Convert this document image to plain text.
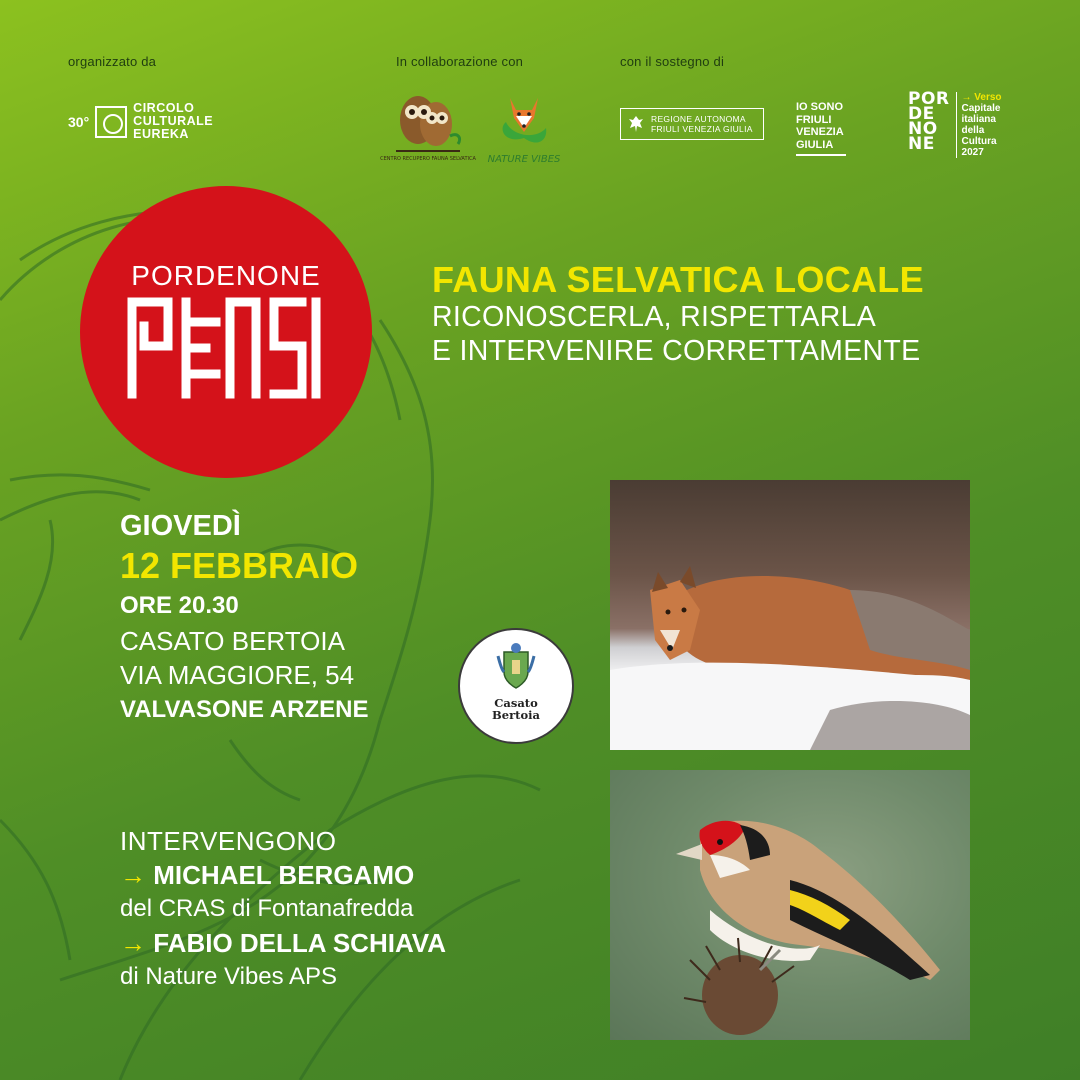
organizzato da	In collaborazione con	con il sostegno di
30°
CIRCOLO
CULTURALE
EUREKA
CENTRO RECUPERO FAUNA SELVATICA NATURE VIBES
REGIONE AUTONOMA
FRIULI VENEZIA GIULIA
IO SONO
FRIULI
VENEZIA
GIULIA
POR
DE
NO
NE
→ Verso
Capitale
italiana
della
Cultura
2027
PORDENONE	FAUNA SELVATICA LOCALE
RICONOSCERLA, RISPETTARLA
E INTERVENIRE CORRETTAMENTE
GIOVEDÌ
12 FEBBRAIO
ORE 20.30
CASATO BERTOIA
VIA MAGGIORE, 54
VALVASONE ARZENE	Casato
Bertoia
INTERVENGONO
→ MICHAEL BERGAMO
del CRAS di Fontanafredda
→ FABIO DELLA SCHIAVA
di Nature Vibes APS
